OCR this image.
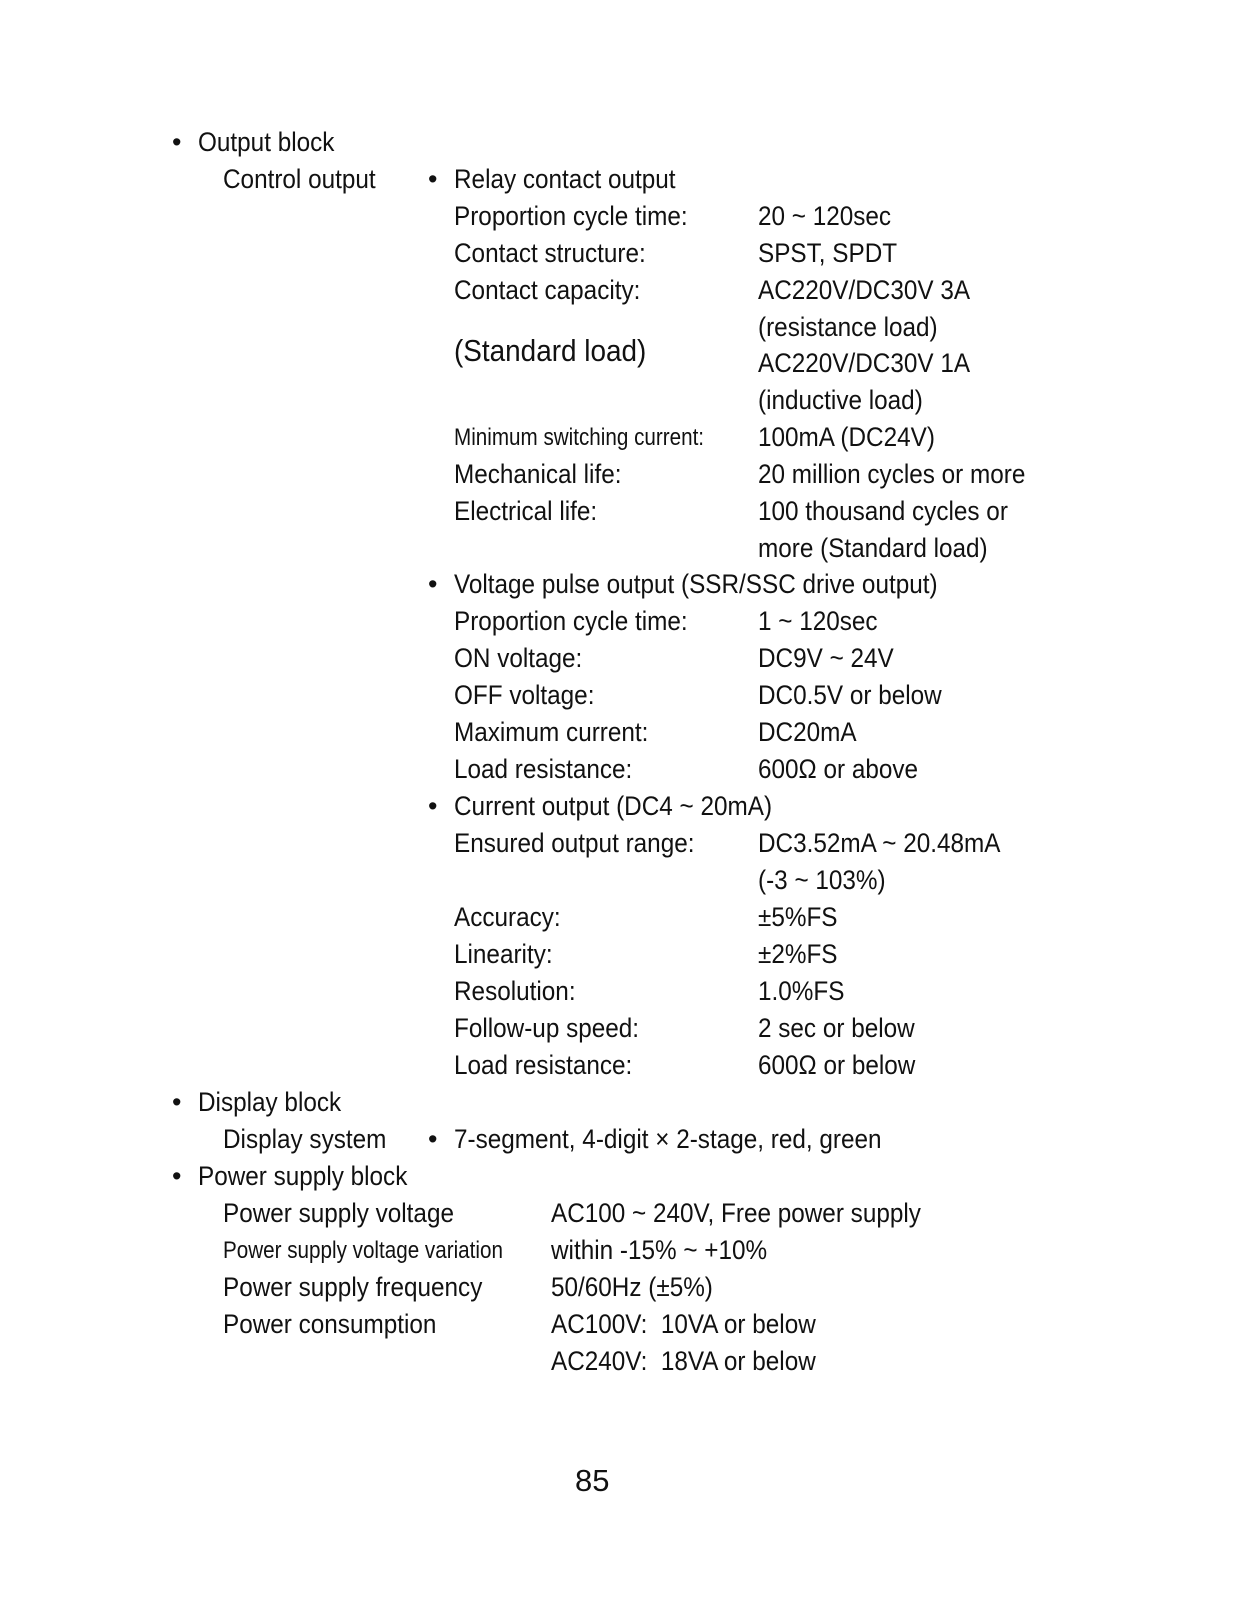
• Output block
Control output • Relay contact output
Proportion cycle time:	20 ~ 120sec
Contact structure:	SPST, SPDT
Contact capacity:	AC220V/DC30V 3A
(resistance load)
(Standard load)	AC220V/DC30V 1A
(inductive load)
Minimum switching current: 100mA (DC24V)
Mechanical life:	20 million cycles or more
Electrical life:	100 thousand cycles or
more (Standard load)
• Voltage pulse output (SSR/SSC drive output)
Proportion cycle time:	1 ~ 120sec
ON voltage:	DC9V ~ 24V
OFF voltage:	DC0.5V or below
Maximum current:	DC20mA
Load resistance:	600Ω or above
• Current output (DC4 ~ 20mA)
Ensured output range: DC3.52mA ~ 20.48mA
(-3 ~ 103%)
Accuracy:	±5%FS
Linearity:	±2%FS
Resolution:	1.0%FS
Follow-up speed:	2 sec or below
Load resistance:	600Ω or below
• Display block
Display system • 7-segment, 4-digit × 2-stage, red, green
• Power supply block
Power supply voltage	AC100 ~ 240V, Free power supply
Power supply voltage variation within -15% ~ +10%
Power supply frequency	50/60Hz (±5%)
Power consumption	AC100V:  10VA or below
AC240V:  18VA or below
85
